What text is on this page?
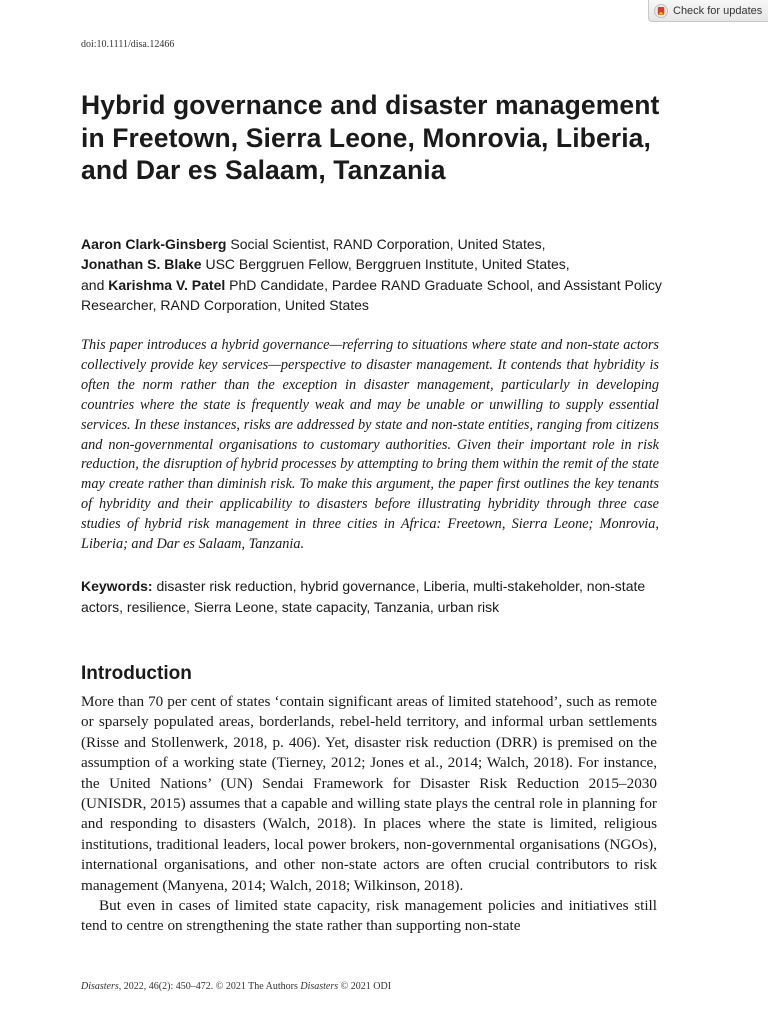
Check for updates
doi:10.1111/disa.12466
Hybrid governance and disaster management in Freetown, Sierra Leone, Monrovia, Liberia, and Dar es Salaam, Tanzania

Aaron Clark-Ginsberg Social Scientist, RAND Corporation, United States,
Jonathan S. Blake USC Berggruen Fellow, Berggruen Institute, United States,
and Karishma V. Patel PhD Candidate, Pardee RAND Graduate School, and Assistant Policy Researcher, RAND Corporation, United States

This paper introduces a hybrid governance—referring to situations where state and non-state actors collectively provide key services—perspective to disaster management. It contends that hybridity is often the norm rather than the exception in disaster management, particularly in developing countries where the state is frequently weak and may be unable or unwilling to supply essential services. In these instances, risks are addressed by state and non-state entities, ranging from citizens and non-governmental organisations to customary authorities. Given their important role in risk reduction, the disruption of hybrid processes by attempting to bring them within the remit of the state may create rather than diminish risk. To make this argument, the paper first outlines the key tenants of hybridity and their applicability to disasters before illustrating hybridity through three case studies of hybrid risk management in three cities in Africa: Freetown, Sierra Leone; Monrovia, Liberia; and Dar es Salaam, Tanzania.

Keywords: disaster risk reduction, hybrid governance, Liberia, multi-stakeholder, non-state actors, resilience, Sierra Leone, state capacity, Tanzania, urban risk

Introduction

More than 70 per cent of states ‘contain significant areas of limited statehood’, such as remote or sparsely populated areas, borderlands, rebel-held territory, and informal urban settlements (Risse and Stollenwerk, 2018, p. 406). Yet, disaster risk reduction (DRR) is premised on the assumption of a working state (Tierney, 2012; Jones et al., 2014; Walch, 2018). For instance, the United Nations’ (UN) Sendai Framework for Disaster Risk Reduction 2015–2030 (UNISDR, 2015) assumes that a capable and willing state plays the central role in planning for and responding to disasters (Walch, 2018). In places where the state is limited, religious institutions, traditional leaders, local power brokers, non-governmental organisations (NGOs), international organisations, and other non-state actors are often crucial contributors to risk management (Manyena, 2014; Walch, 2018; Wilkinson, 2018).

But even in cases of limited state capacity, risk management policies and initiatives still tend to centre on strengthening the state rather than supporting non-state

Disasters, 2022, 46(2): 450–472. © 2021 The Authors Disasters © 2021 ODI
